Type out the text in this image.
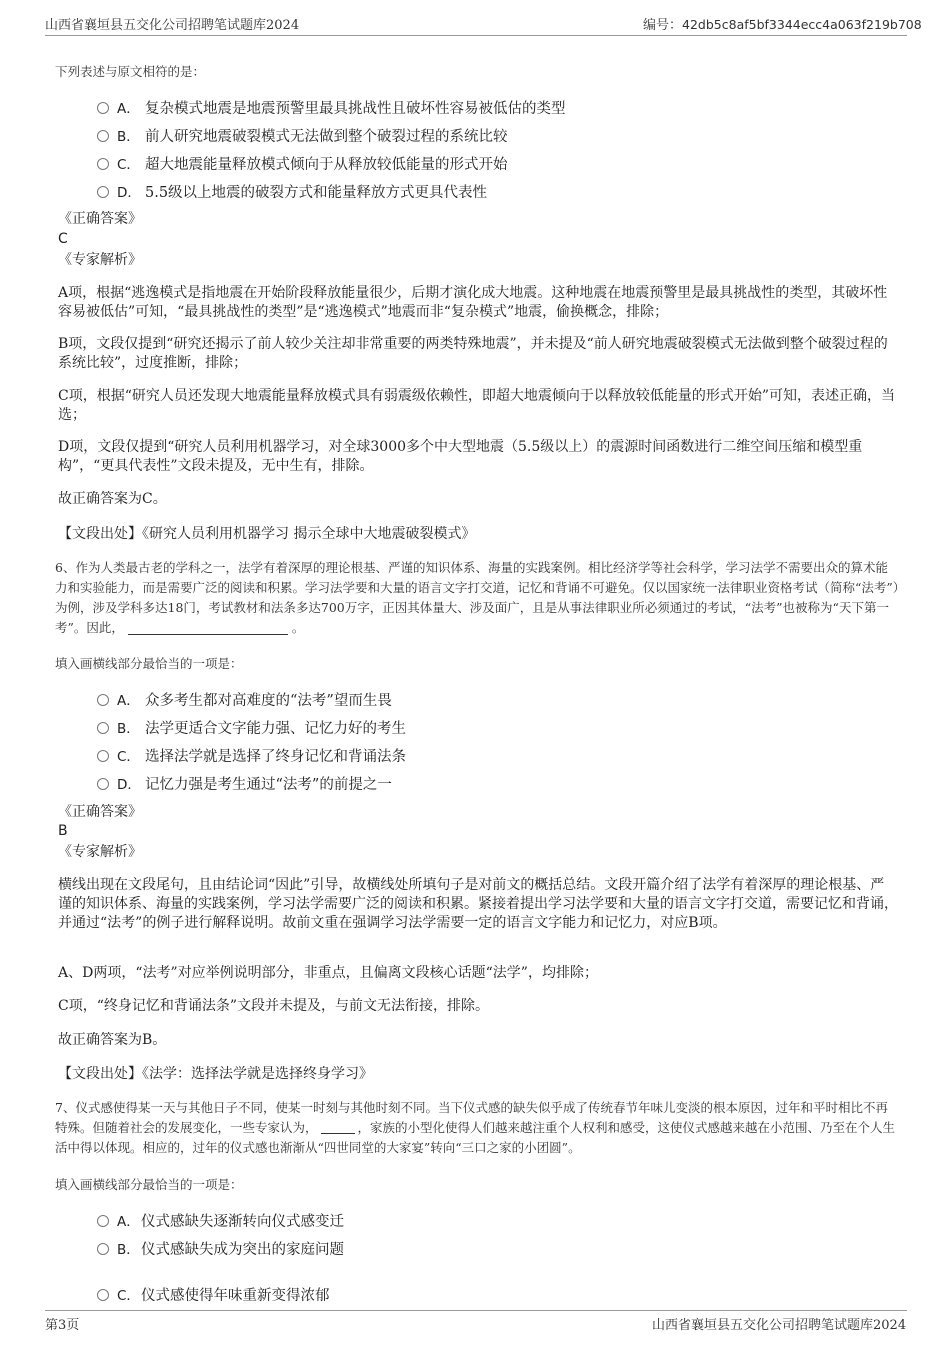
山西省襄垣县五交化公司招聘笔试题库2024	编号：42db5c8af5bf3344ecc4a063f219b708
下列表述与原文相符的是：
A． 复杂模式地震是地震预警里最具挑战性且破坏性容易被低估的类型
B． 前人研究地震破裂模式无法做到整个破裂过程的系统比较
C． 超大地震能量释放模式倾向于从释放较低能量的形式开始
D． 5.5级以上地震的破裂方式和能量释放方式更具代表性
《正确答案》
C
《专家解析》
A项，根据“逃逸模式是指地震在开始阶段释放能量很少，后期才演化成大地震。这种地震在地震预警里是最具挑战性的类型，其破坏性容易被低估”可知，“最具挑战性的类型”是“逃逸模式”地震而非“复杂模式”地震，偷换概念，排除；
B项，文段仅提到“研究还揭示了前人较少关注却非常重要的两类特殊地震”，并未提及“前人研究地震破裂模式无法做到整个破裂过程的系统比较”，过度推断，排除；
C项，根据“研究人员还发现大地震能量释放模式具有弱震级依赖性，即超大地震倾向于以释放较低能量的形式开始”可知，表述正确，当选；
D项，文段仅提到“研究人员利用机器学习，对全球3000多个中大型地震（5.5级以上）的震源时间函数进行二维空间压缩和模型重构”，“更具代表性”文段未提及，无中生有，排除。
故正确答案为C。
【文段出处】《研究人员利用机器学习 揭示全球中大地震破裂模式》
6、作为人类最古老的学科之一，法学有着深厚的理论根基、严谨的知识体系、海量的实践案例。相比经济学等社会科学，学习法学不需要出众的算术能力和实验能力，而是需要广泛的阅读和积累。学习法学要和大量的语言文字打交道，记忆和背诵不可避免。仅以国家统一法律职业资格考试（简称“法考”）为例，涉及学科多达18门，考试教材和法条多达700万字，正因其体量大、涉及面广，且是从事法律职业所必须通过的考试，“法考”也被称为“天下第一考”。因此，	。
填入画横线部分最恰当的一项是：
A． 众多考生都对高难度的“法考”望而生畏
B． 法学更适合文字能力强、记忆力好的考生
C． 选择法学就是选择了终身记忆和背诵法条
D． 记忆力强是考生通过“法考”的前提之一
《正确答案》
B
《专家解析》
横线出现在文段尾句，且由结论词“因此”引导，故横线处所填句子是对前文的概括总结。文段开篇介绍了法学有着深厚的理论根基、严谨的知识体系、海量的实践案例，学习法学需要广泛的阅读和积累。紧接着提出学习法学要和大量的语言文字打交道，需要记忆和背诵，并通过“法考”的例子进行解释说明。故前文重在强调学习法学需要一定的语言文字能力和记忆力，对应B项。
A、D两项，“法考”对应举例说明部分，非重点，且偏离文段核心话题“法学”，均排除；
C项，“终身记忆和背诵法条”文段并未提及，与前文无法衔接，排除。
故正确答案为B。
【文段出处】《法学：选择法学就是选择终身学习》
7、仪式感使得某一天与其他日子不同，使某一时刻与其他时刻不同。当下仪式感的缺失似乎成了传统春节年味儿变淡的根本原因，过年和平时相比不再特殊。但随着社会的发展变化，一些专家认为，	，家族的小型化使得人们越来越注重个人权利和感受，这使仪式感越来越在小范围、乃至在个人生活中得以体现。相应的，过年的仪式感也渐渐从“四世同堂的大家宴”转向“三口之家的小团圆”。
填入画横线部分最恰当的一项是：
A．仪式感缺失逐渐转向仪式感变迁
B．仪式感缺失成为突出的家庭问题
C．仪式感使得年味重新变得浓郁
第3页	山西省襄垣县五交化公司招聘笔试题库2024
